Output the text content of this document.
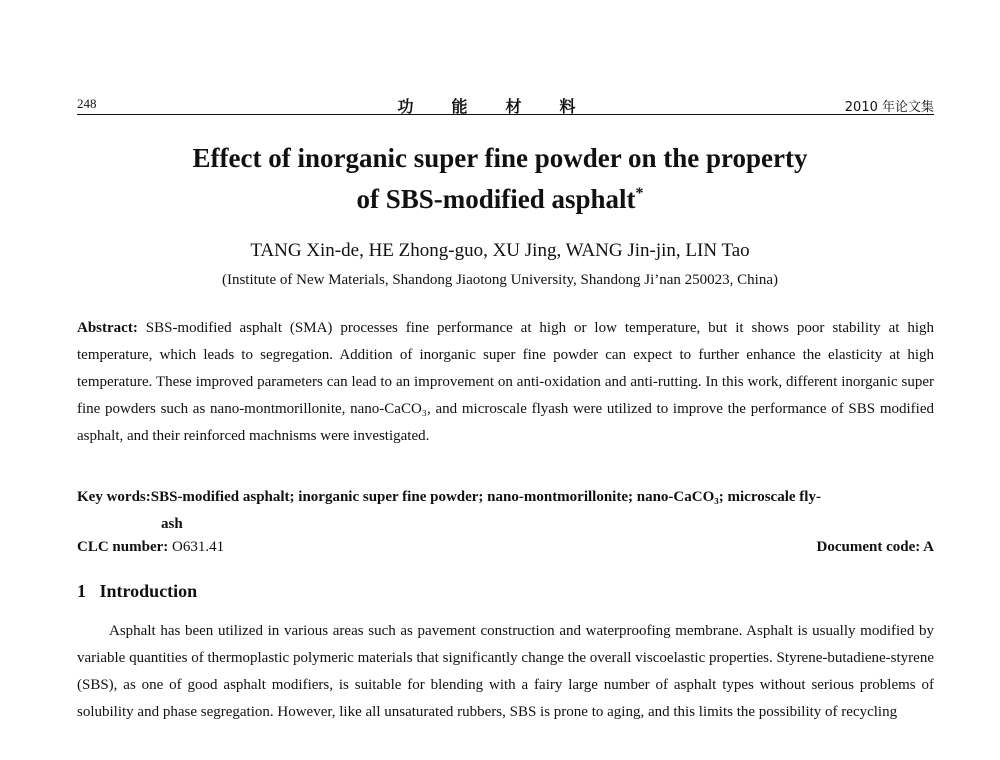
248	功能材料	2010 年论文集
Effect of inorganic super fine powder on the property
of SBS-modified asphalt*
TANG Xin-de, HE Zhong-guo, XU Jing, WANG Jin-jin, LIN Tao
(Institute of New Materials, Shandong Jiaotong University, Shandong Ji’nan 250023, China)
Abstract: SBS-modified asphalt (SMA) processes fine performance at high or low temperature, but it shows poor stability at high temperature, which leads to segregation. Addition of inorganic super fine powder can expect to further enhance the elasticity at high temperature. These improved parameters can lead to an improvement on anti-oxidation and anti-rutting. In this work, different inorganic super fine powders such as nano-montmorillonite, nano-CaCO₃, and microscale flyash were utilized to improve the performance of SBS modified asphalt, and their reinforced machnisms were investigated.
Key words:SBS-modified asphalt; inorganic super fine powder; nano-montmorillonite; nano-CaCO₃; microscale fly-
ash
CLC number: O631.41	Document code: A
1 Introduction
Asphalt has been utilized in various areas such as pavement construction and waterproofing membrane. Asphalt is usually modified by variable quantities of thermoplastic polymeric materials that significantly change the overall viscoelastic properties. Styrene-butadiene-styrene (SBS), as one of good asphalt modifiers, is suitable for blending with a fairy large number of asphalt types without serious problems of solubility and phase segregation. However, like all unsaturated rubbers, SBS is prone to aging, and this limits the possibility of recycling
